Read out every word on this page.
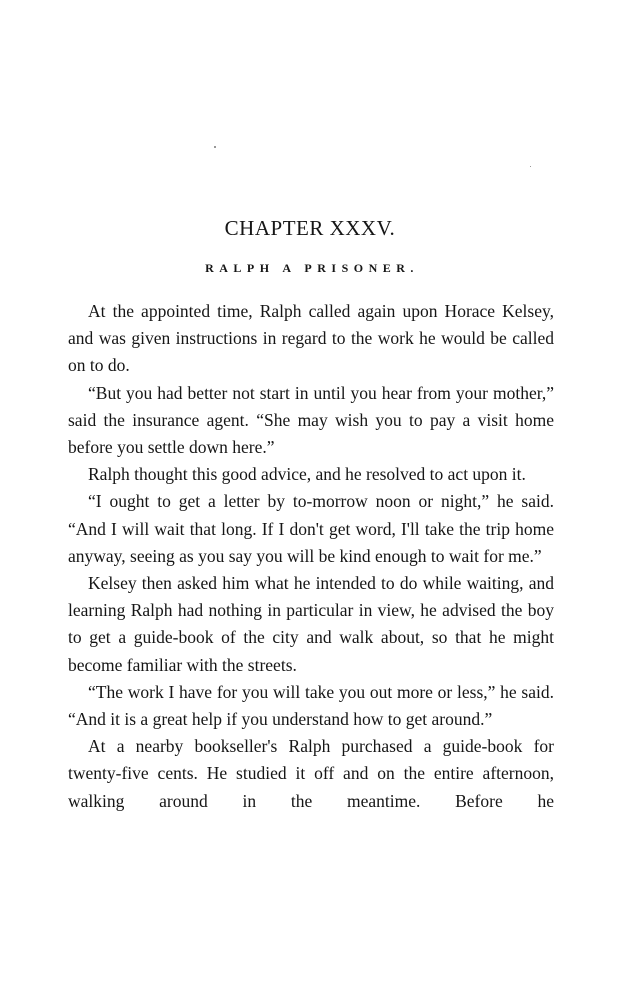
CHAPTER XXXV.
RALPH A PRISONER.

At the appointed time, Ralph called again upon Horace Kelsey, and was given instructions in regard to the work he would be called on to do.

“But you had better not start in until you hear from your mother,” said the insurance agent. “She may wish you to pay a visit home before you settle down here.”

Ralph thought this good advice, and he resolved to act upon it.

“I ought to get a letter by to-morrow noon or night,” he said. “And I will wait that long. If I don't get word, I'll take the trip home anyway, seeing as you say you will be kind enough to wait for me.”

Kelsey then asked him what he intended to do while waiting, and learning Ralph had nothing in particular in view, he advised the boy to get a guide-book of the city and walk about, so that he might become familiar with the streets.

“The work I have for you will take you out more or less,” he said. “And it is a great help if you understand how to get around.”

At a nearby bookseller's Ralph purchased a guide-book for twenty-five cents. He studied it off and on the entire afternoon, walking around in the meantime. Before he
